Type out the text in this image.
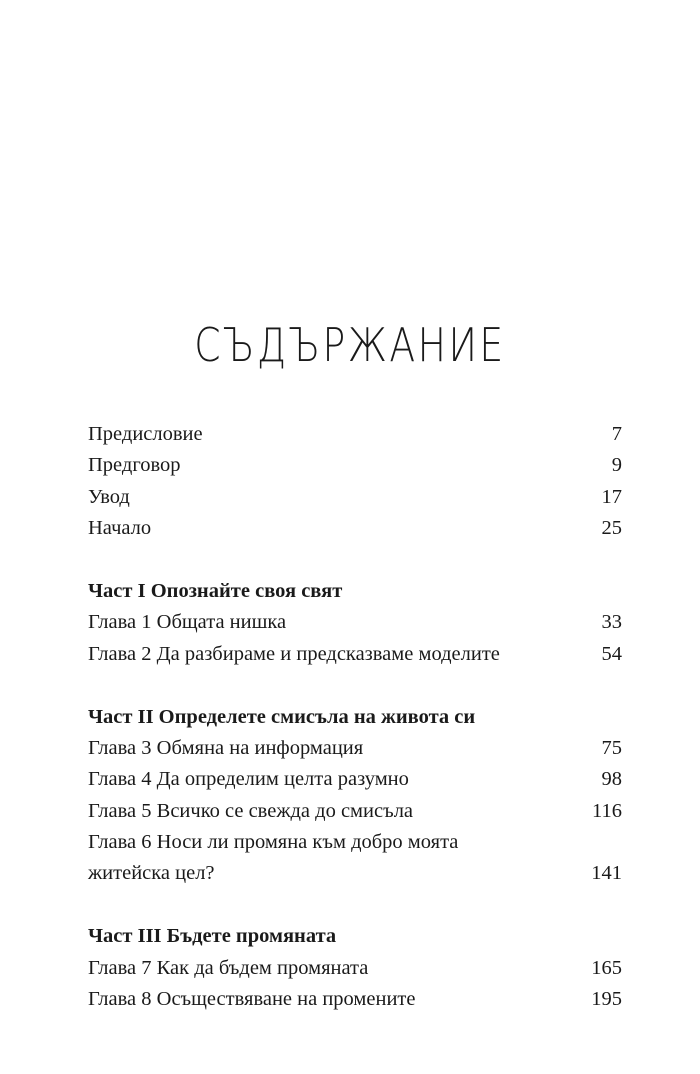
СЪДЪРЖАНИЕ
Предисловие	7
Предговор	9
Увод	17
Начало	25
Част I Опознайте своя свят
Глава 1 Общата нишка	33
Глава 2 Да разбираме и предсказваме моделите	54
Част II Определете смисъла на живота си
Глава 3 Обмяна на информация	75
Глава 4 Да определим целта разумно	98
Глава 5 Всичко се свежда до смисъла	116
Глава 6 Носи ли промяна към добро моята житейска цел?	141
Част III Бъдете промяната
Глава 7 Как да бъдем промяната	165
Глава 8 Осъществяване на промените	195
